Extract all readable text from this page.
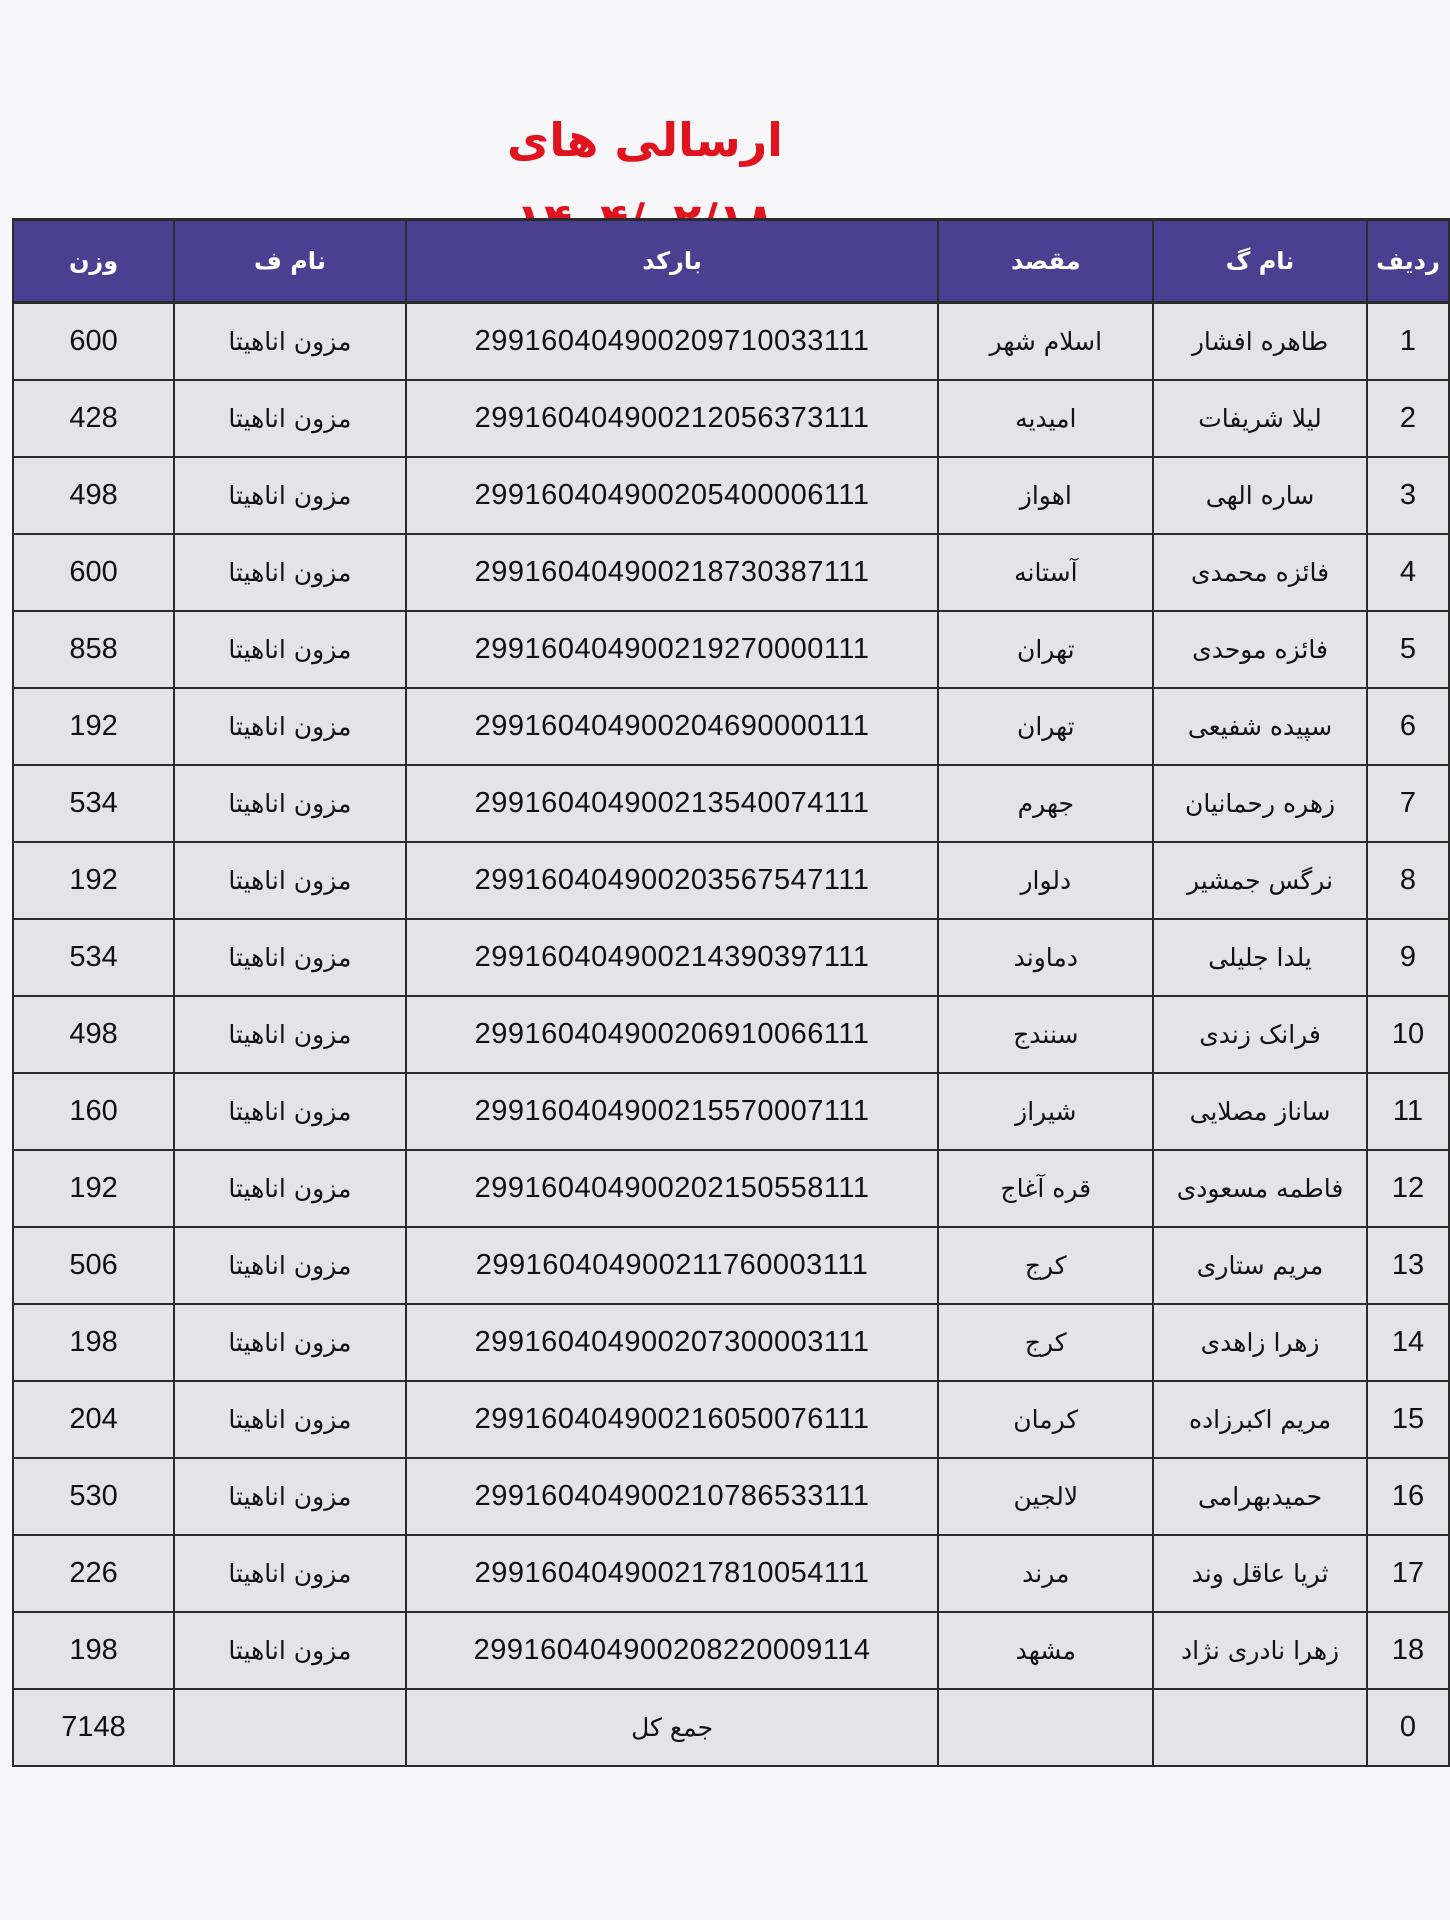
ارسالی های
ردیف	نام گ	مقصد	بارکد	نام ف	وزن
1	طاهره افشار	اسلام شهر	299160404900209710033111	مزون اناهیتا	600
2	لیلا شریفات	امیدیه	299160404900212056373111	مزون اناهیتا	428
3	ساره الهی	اهواز	299160404900205400006111	مزون اناهیتا	498
4	فائزه محمدی	آستانه	299160404900218730387111	مزون اناهیتا	600
5	فائزه موحدی	تهران	299160404900219270000111	مزون اناهیتا	858
6	سپیده شفیعی	تهران	299160404900204690000111	مزون اناهیتا	192
7	زهره رحمانیان	جهرم	299160404900213540074111	مزون اناهیتا	534
8	نرگس جمشیر	دلوار	299160404900203567547111	مزون اناهیتا	192
9	یلدا جلیلی	دماوند	299160404900214390397111	مزون اناهیتا	534
10	فرانک زندی	سنندج	299160404900206910066111	مزون اناهیتا	498
11	ساناز مصلایی	شیراز	299160404900215570007111	مزون اناهیتا	160
12	فاطمه مسعودی	قره آغاج	299160404900202150558111	مزون اناهیتا	192
13	مریم ستاری	کرج	299160404900211760003111	مزون اناهیتا	506
14	زهرا زاهدی	کرج	299160404900207300003111	مزون اناهیتا	198
15	مریم اکبرزاده	کرمان	299160404900216050076111	مزون اناهیتا	204
16	حمیدبهرامی	لالجین	299160404900210786533111	مزون اناهیتا	530
17	ثریا عاقل وند	مرند	299160404900217810054111	مزون اناهیتا	226
18	زهرا نادری نژاد	مشهد	299160404900208220009114	مزون اناهیتا	198
0			جمع کل		7148
